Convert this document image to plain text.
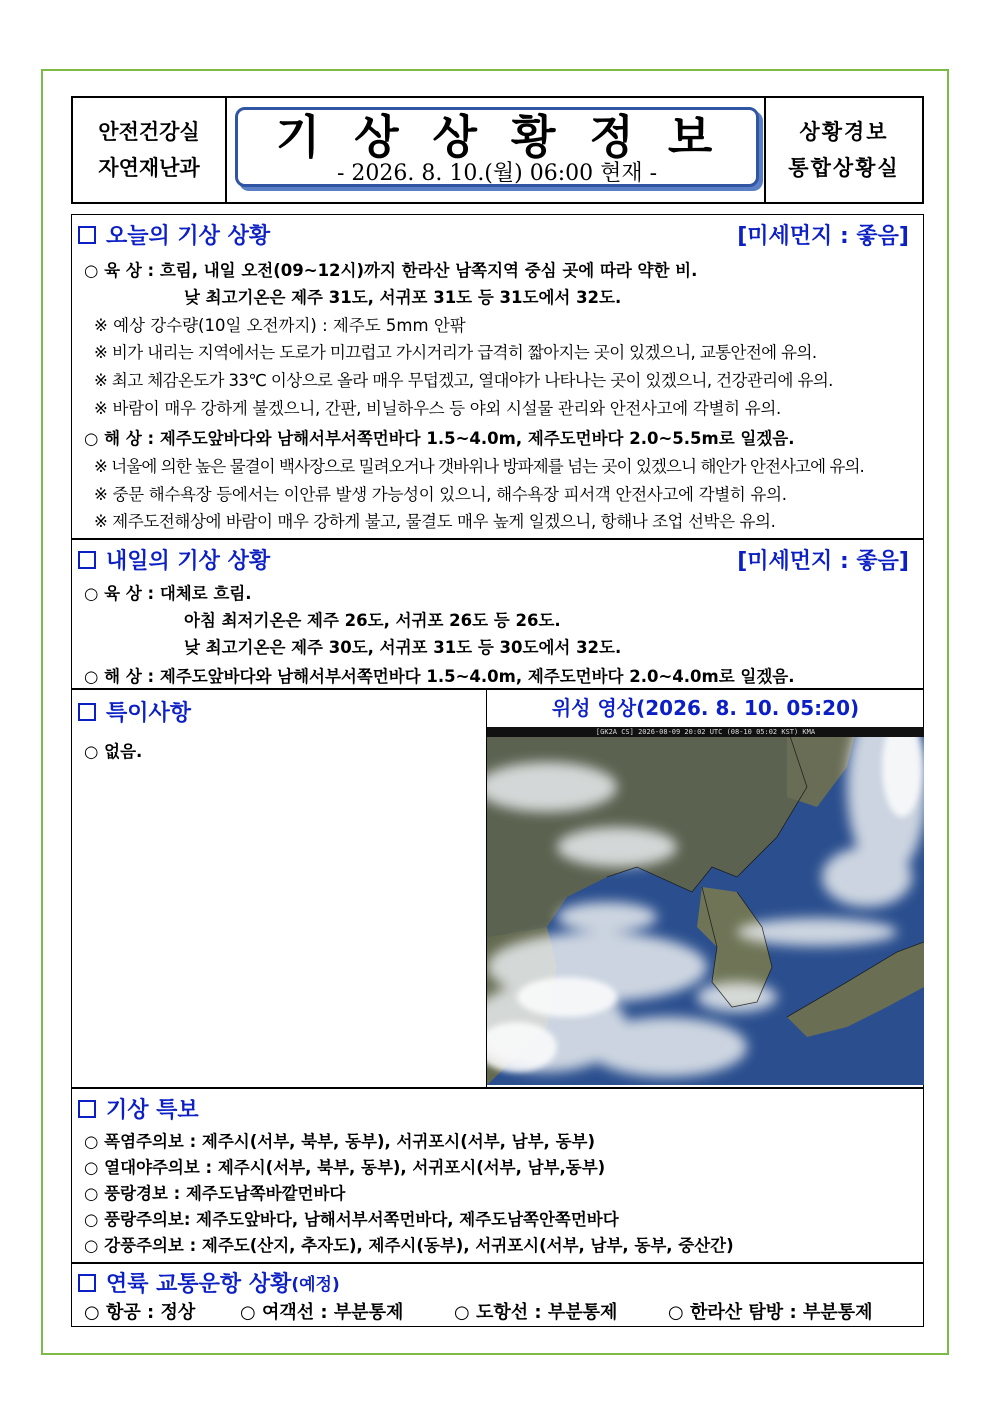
안전건강실
자연재난과
기상상황정보
- 2026. 8. 10.(월) 06:00 현재 -
상황경보
통합상황실
오늘의 기상 상황	[미세먼지 : 좋음]
○ 육 상 : 흐림, 내일 오전(09~12시)까지 한라산 남쪽지역 중심 곳에 따라 약한 비.
낮 최고기온은 제주 31도, 서귀포 31도 등 31도에서 32도.
※ 예상 강수량(10일 오전까지) : 제주도 5mm 안팎
※ 비가 내리는 지역에서는 도로가 미끄럽고 가시거리가 급격히 짧아지는 곳이 있겠으니, 교통안전에 유의.
※ 최고 체감온도가 33℃ 이상으로 올라 매우 무덥겠고, 열대야가 나타나는 곳이 있겠으니, 건강관리에 유의.
※ 바람이 매우 강하게 불겠으니, 간판, 비닐하우스 등 야외 시설물 관리와 안전사고에 각별히 유의.
○ 해 상 : 제주도앞바다와 남해서부서쪽먼바다 1.5~4.0m, 제주도먼바다 2.0~5.5m로 일겠음.
※ 너울에 의한 높은 물결이 백사장으로 밀려오거나 갯바위나 방파제를 넘는 곳이 있겠으니 해안가 안전사고에 유의.
※ 중문 해수욕장 등에서는 이안류 발생 가능성이 있으니, 해수욕장 피서객 안전사고에 각별히 유의.
※ 제주도전해상에 바람이 매우 강하게 불고, 물결도 매우 높게 일겠으니, 항해나 조업 선박은 유의.
내일의 기상 상황	[미세먼지 : 좋음]
○ 육 상 : 대체로 흐림.
아침 최저기온은 제주 26도, 서귀포 26도 등 26도.
낮 최고기온은 제주 30도, 서귀포 31도 등 30도에서 32도.
○ 해 상 : 제주도앞바다와 남해서부서쪽먼바다 1.5~4.0m, 제주도먼바다 2.0~4.0m로 일겠음.
특이사항
○ 없음.
위성 영상(2026. 8. 10. 05:20)
[GK2A CS] 2026-08-09 20:02 UTC (08-10 05:02 KST) KMA
기상 특보
○ 폭염주의보 : 제주시(서부, 북부, 동부), 서귀포시(서부, 남부, 동부)
○ 열대야주의보 : 제주시(서부, 북부, 동부), 서귀포시(서부, 남부,동부)
○ 풍랑경보 : 제주도남쪽바깥먼바다
○ 풍랑주의보: 제주도앞바다, 남해서부서쪽먼바다, 제주도남쪽안쪽먼바다
○ 강풍주의보 : 제주도(산지, 추자도), 제주시(동부), 서귀포시(서부, 남부, 동부, 중산간)
연륙 교통운항 상황 (예정)
○ 항공 : 정상 ○ 여객선 : 부분통제	○ 도항선 : 부분통제	○ 한라산 탐방 : 부분통제
